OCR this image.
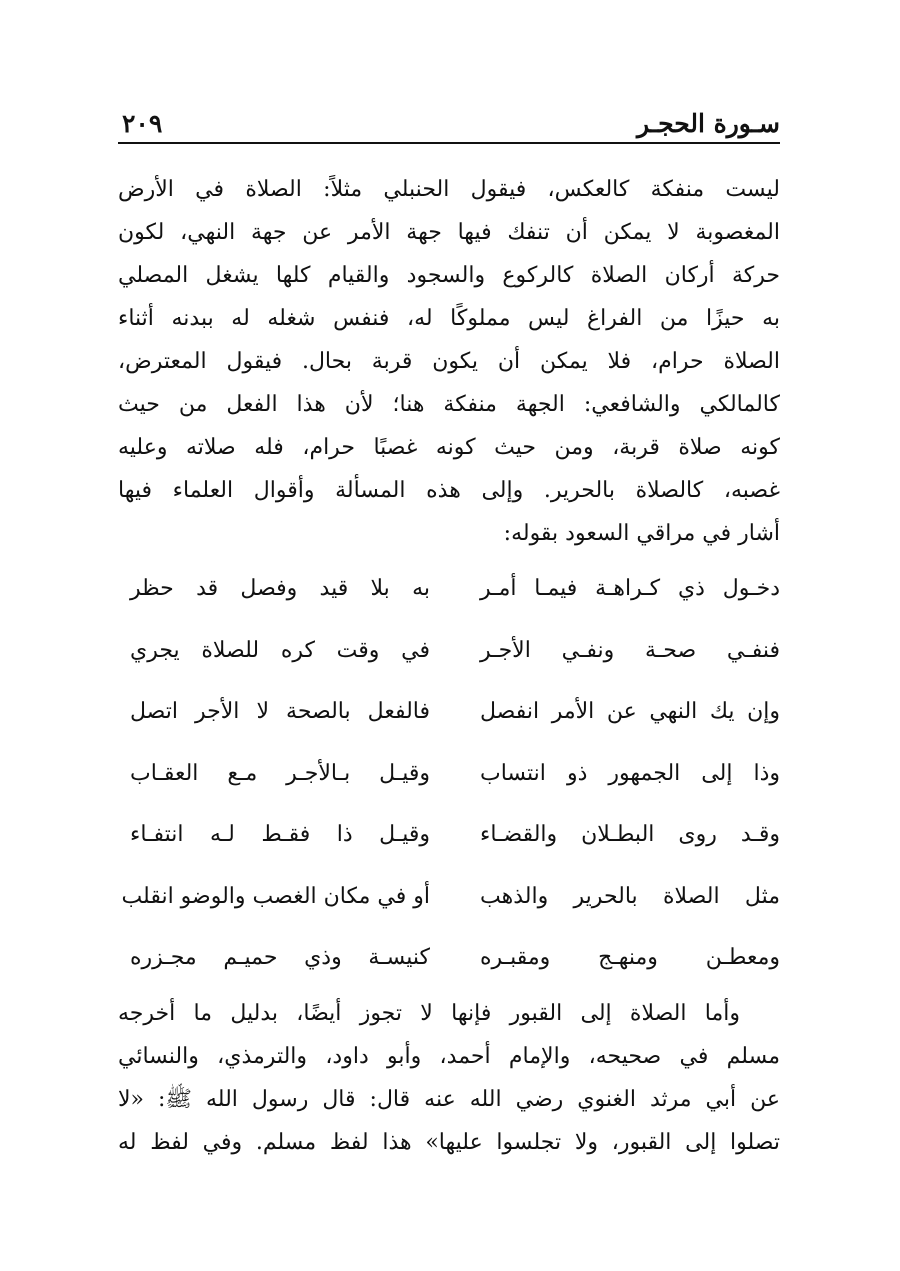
سـورة الحجـر
٢٠٩
ليست منفكة كالعكس، فيقول الحنبلي مثلاً: الصلاة في الأرض
المغصوبة لا يمكن أن تنفك فيها جهة الأمر عن جهة النهي، لكون
حركة أركان الصلاة كالركوع والسجود والقيام كلها يشغل المصلي
به حيزًا من الفراغ ليس مملوكًا له، فنفس شغله له ببدنه أثناء
الصلاة حرام، فلا يمكن أن يكون قربة بحال. فيقول المعترض،
كالمالكي والشافعي: الجهة منفكة هنا؛ لأن هذا الفعل من حيث
كونه صلاة قربة، ومن حيث كونه غصبًا حرام، فله صلاته وعليه
غصبه، كالصلاة بالحرير. وإلى هذه المسألة وأقوال العلماء فيها
أشار في مراقي السعود بقوله:
دخـول ذي كـراهـة فيمـا أمـر
به بلا قيد وفصل قد حظر
فنفـي صحـة ونفـي الأجـر
في وقت كره للصلاة يجري
وإن يك النهي عن الأمر انفصل
فالفعل بالصحة لا الأجر اتصل
وذا إلى الجمهور ذو انتساب
وقيـل بـالأجـر مـع العقـاب
وقـد روى البطـلان والقضـاء
وقيـل ذا فقـط لـه انتفـاء
مثل الصلاة بالحرير والذهب
أو في مكان الغصب والوضو انقلب
ومعطـن ومنهـج ومقبـره
كنيسـة وذي حميـم مجـزره
وأما الصلاة إلى القبور فإنها لا تجوز أيضًا، بدليل ما أخرجه
مسلم في صحيحه، والإمام أحمد، وأبو داود، والترمذي، والنسائي
عن أبي مرثد الغنوي رضي الله عنه قال: قال رسول الله ﷺ: «لا
تصلوا إلى القبور، ولا تجلسوا عليها» هذا لفظ مسلم. وفي لفظ له
